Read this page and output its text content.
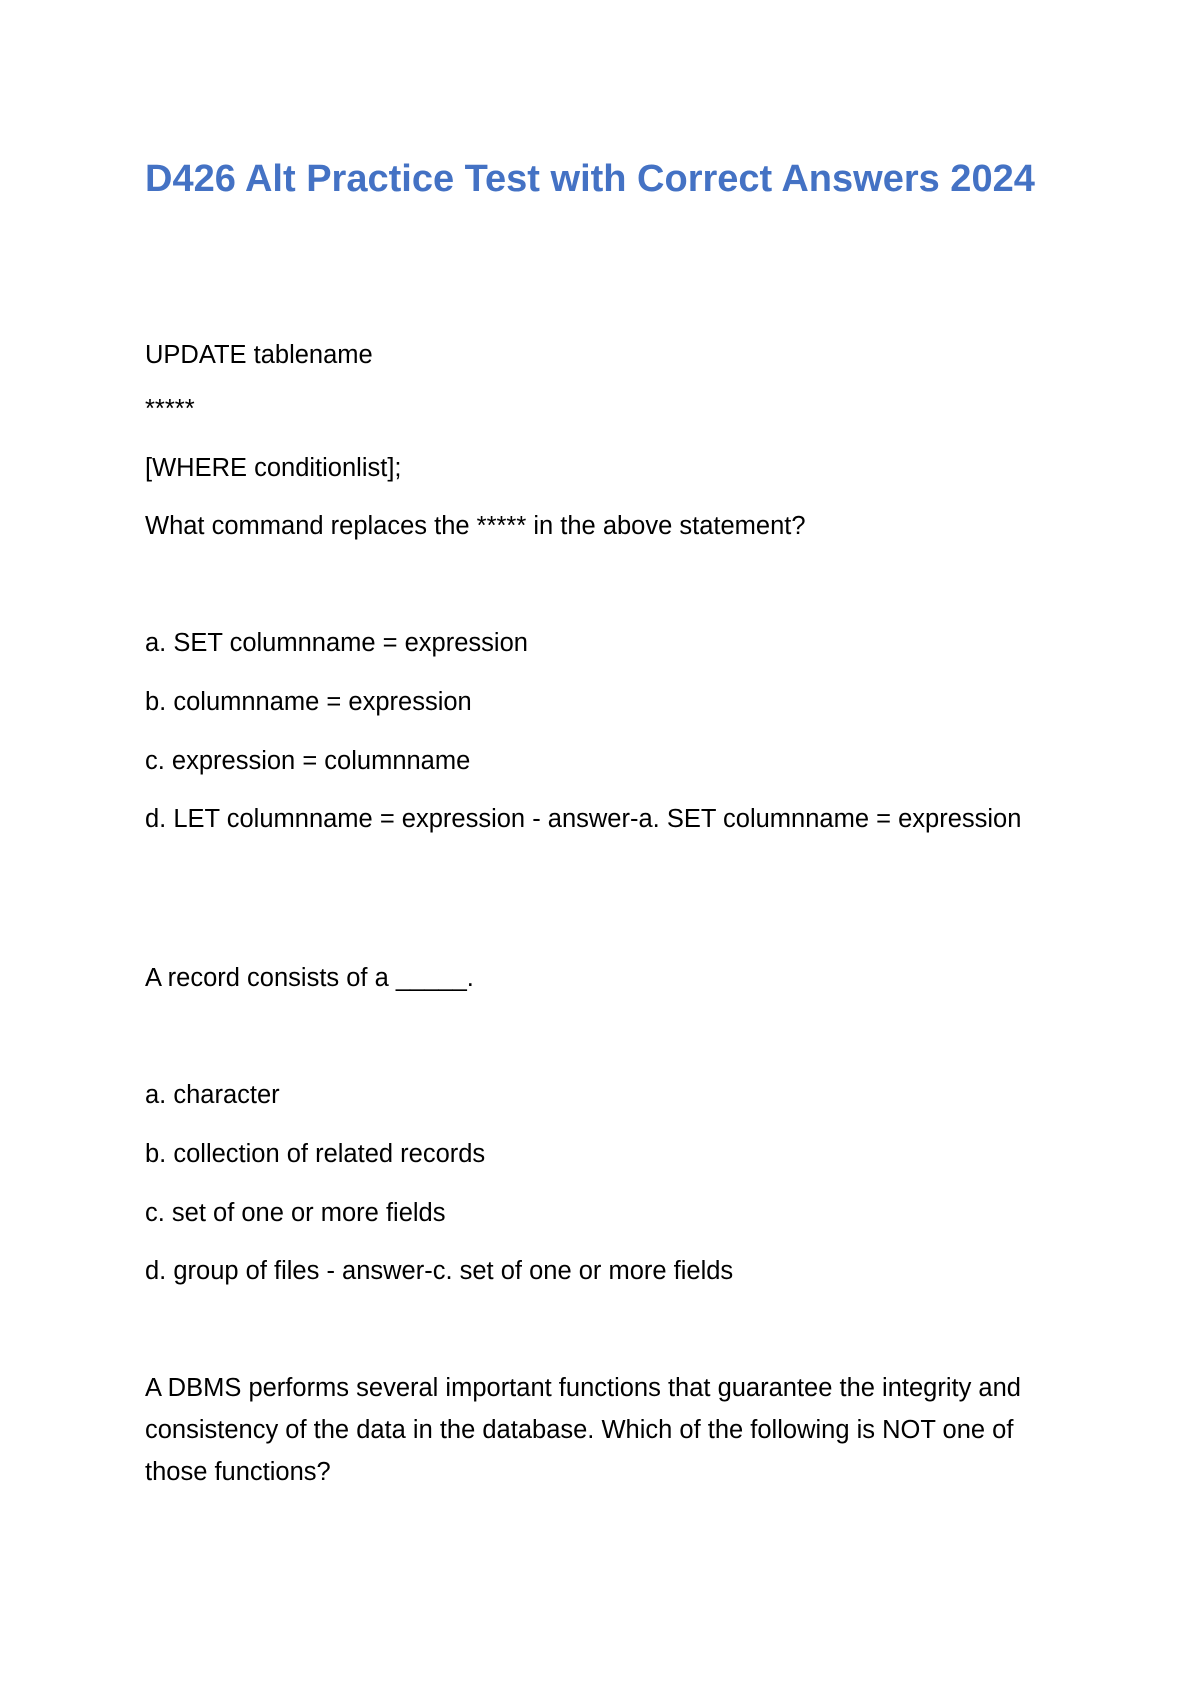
D426 Alt Practice Test with Correct Answers 2024

UPDATE tablename

*****

[WHERE conditionlist];

What command replaces the ***** in the above statement?

a. SET columnname = expression

b. columnname = expression

c. expression = columnname

d. LET columnname = expression - answer-a. SET columnname = expression

A record consists of a _____.

a. character

b. collection of related records

c. set of one or more fields

d. group of files - answer-c. set of one or more fields

A DBMS performs several important functions that guarantee the integrity and consistency of the data in the database. Which of the following is NOT one of those functions?
